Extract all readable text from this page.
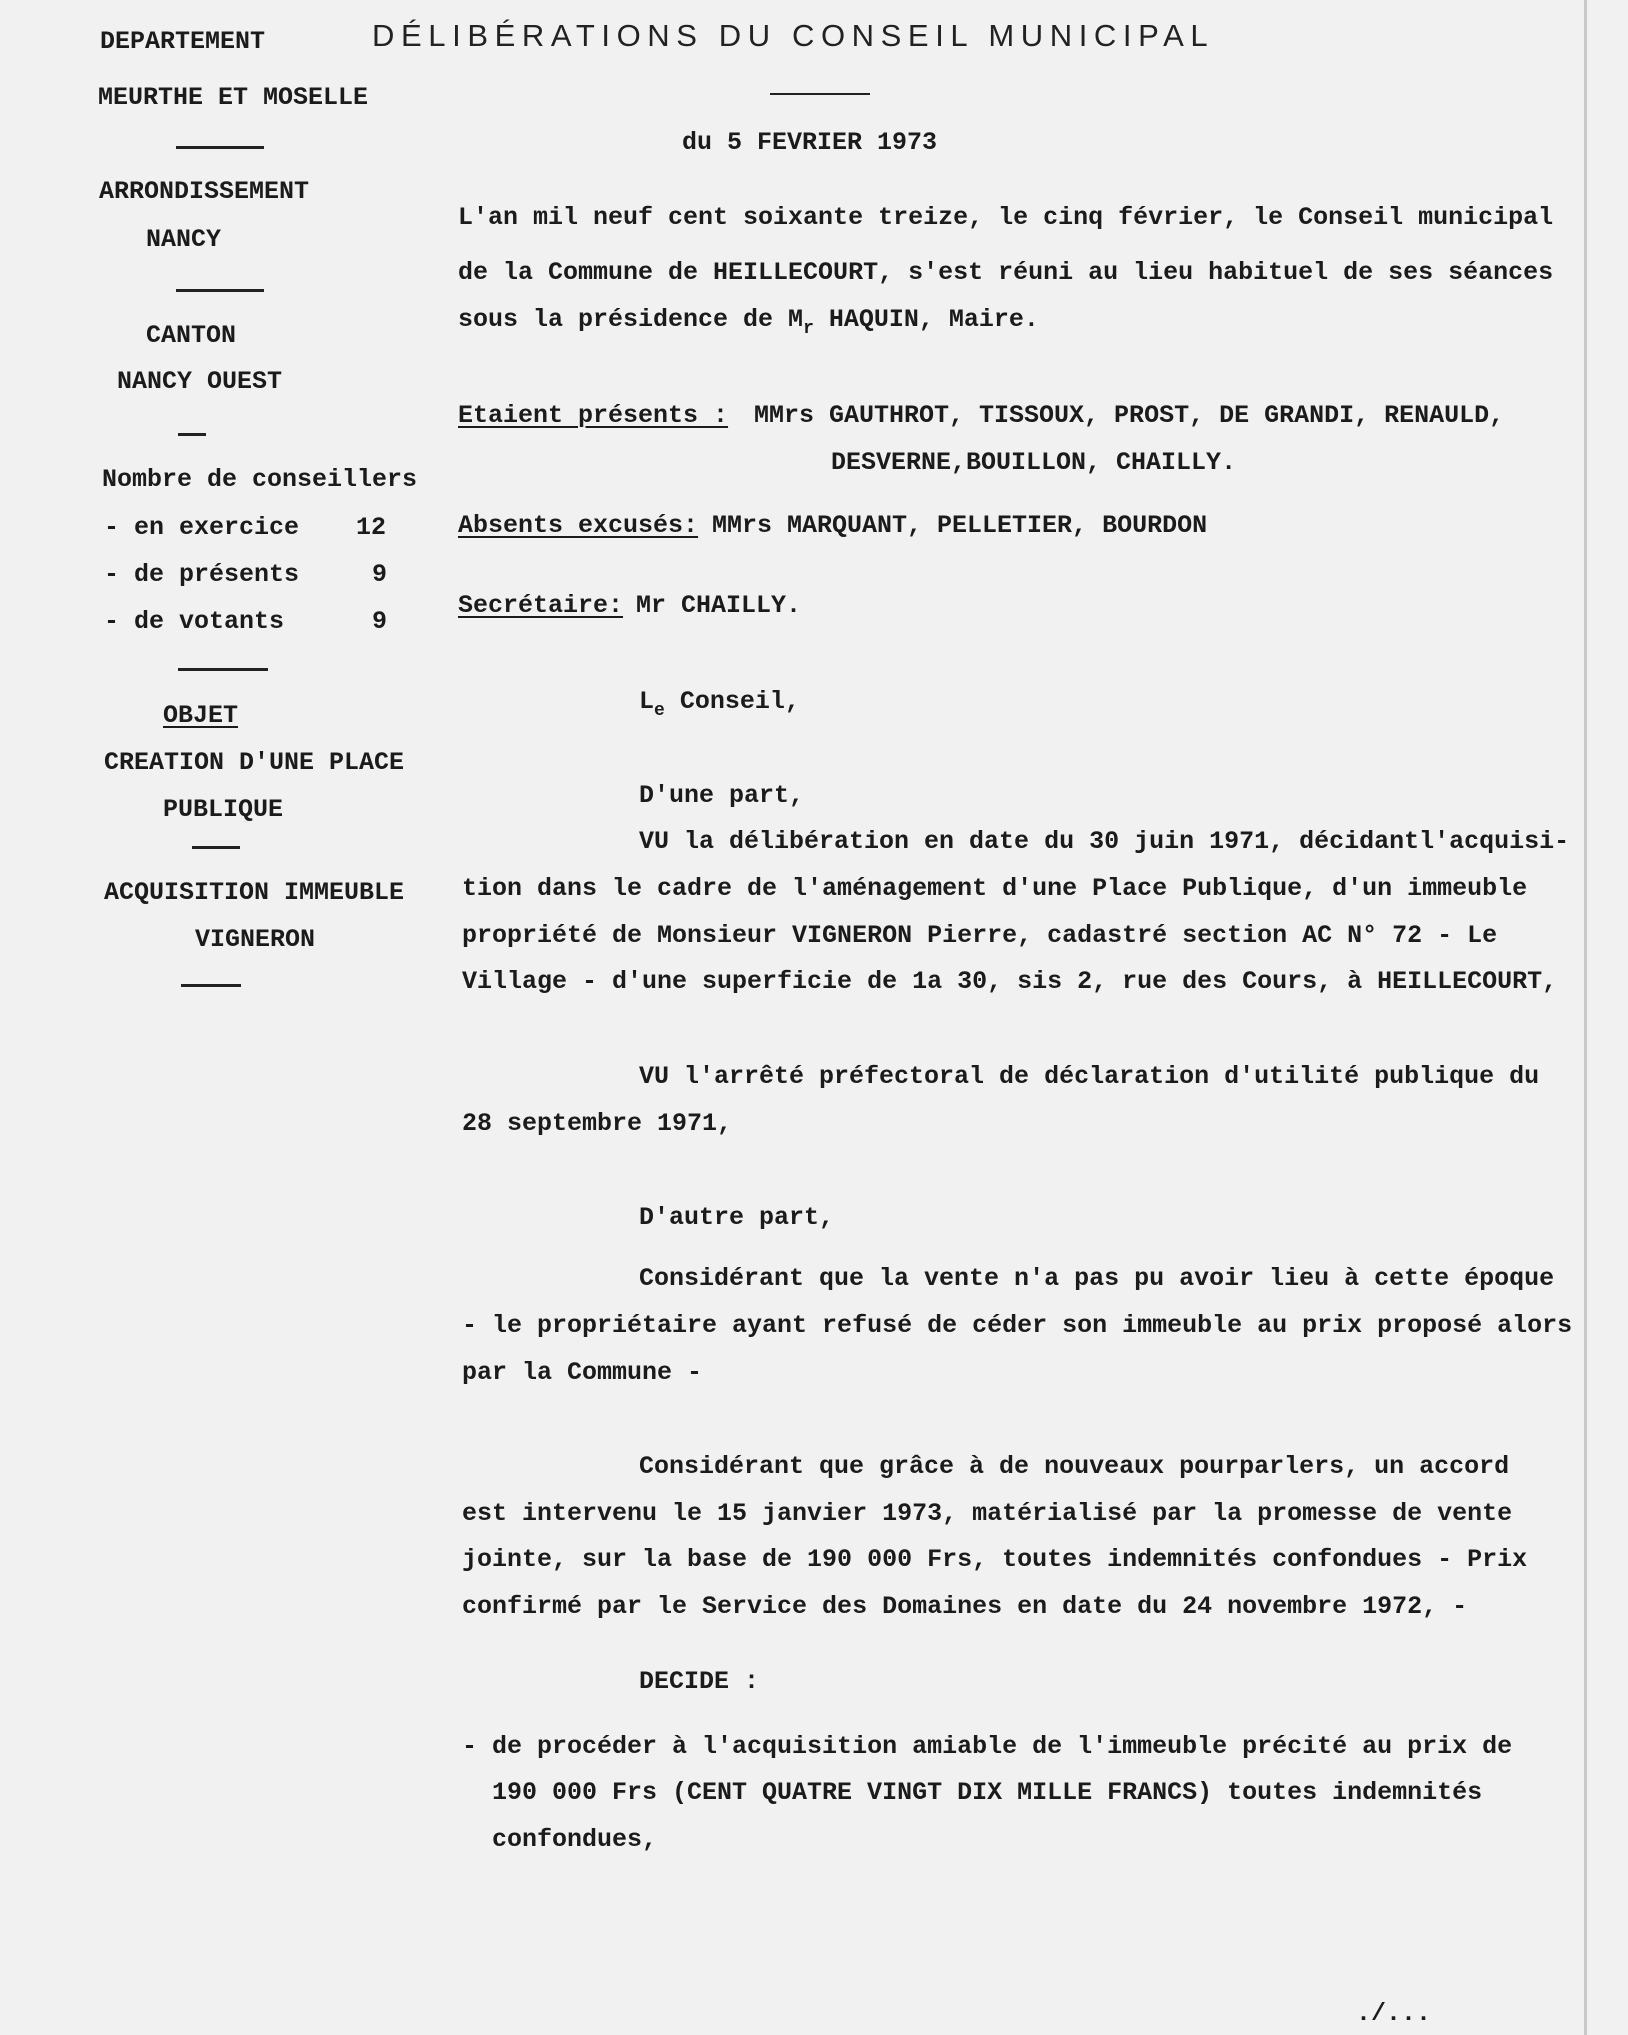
DÉLIBÉRATIONS DU CONSEIL MUNICIPAL
du 5 FEVRIER 1973
DEPARTEMENT
MEURTHE ET MOSELLE
ARRONDISSEMENT
NANCY
CANTON
NANCY OUEST
Nombre de conseillers
- en exercice 12
- de présents	9
- de votants	9
OBJET
CREATION D'UNE PLACE
PUBLIQUE
ACQUISITION IMMEUBLE
VIGNERON
L'an mil neuf cent soixante treize, le cinq février, le Conseil municipal
de la Commune de HEILLECOURT, s'est réuni au lieu habituel de ses séances
sous la présidence de $M_r$ HAQUIN, Maire.
Etaient présents : MMrs GAUTHROT, TISSOUX, PROST, DE GRANDI, RENAULD,
DESVERNE,BOUILLON, CHAILLY.
Absents excusés: MMrs MARQUANT, PELLETIER, BOURDON
Secrétaire: Mr CHAILLY.
$L_e$ Conseil,
D'une part,
VU la délibération en date du 30 juin 1971, décidantl'acquisi-
tion dans le cadre de l'aménagement d'une Place Publique, d'un immeuble
propriété de Monsieur VIGNERON Pierre, cadastré section AC N° 72 - Le
Village - d'une superficie de 1a 30, sis 2, rue des Cours, à HEILLECOURT,
VU l'arrêté préfectoral de déclaration d'utilité publique du
28 septembre 1971,
D'autre part,
Considérant que la vente n'a pas pu avoir lieu à cette époque
- le propriétaire ayant refusé de céder son immeuble au prix proposé alors
par la Commune -
Considérant que grâce à de nouveaux pourparlers, un accord
est intervenu le 15 janvier 1973, matérialisé par la promesse de vente
jointe, sur la base de 190 000 Frs, toutes indemnités confondues - Prix
confirmé par le Service des Domaines en date du 24 novembre 1972, -
DECIDE :
- de procéder à l'acquisition amiable de l'immeuble précité au prix de
190 000 Frs (CENT QUATRE VINGT DIX MILLE FRANCS) toutes indemnités
confondues,
./...
